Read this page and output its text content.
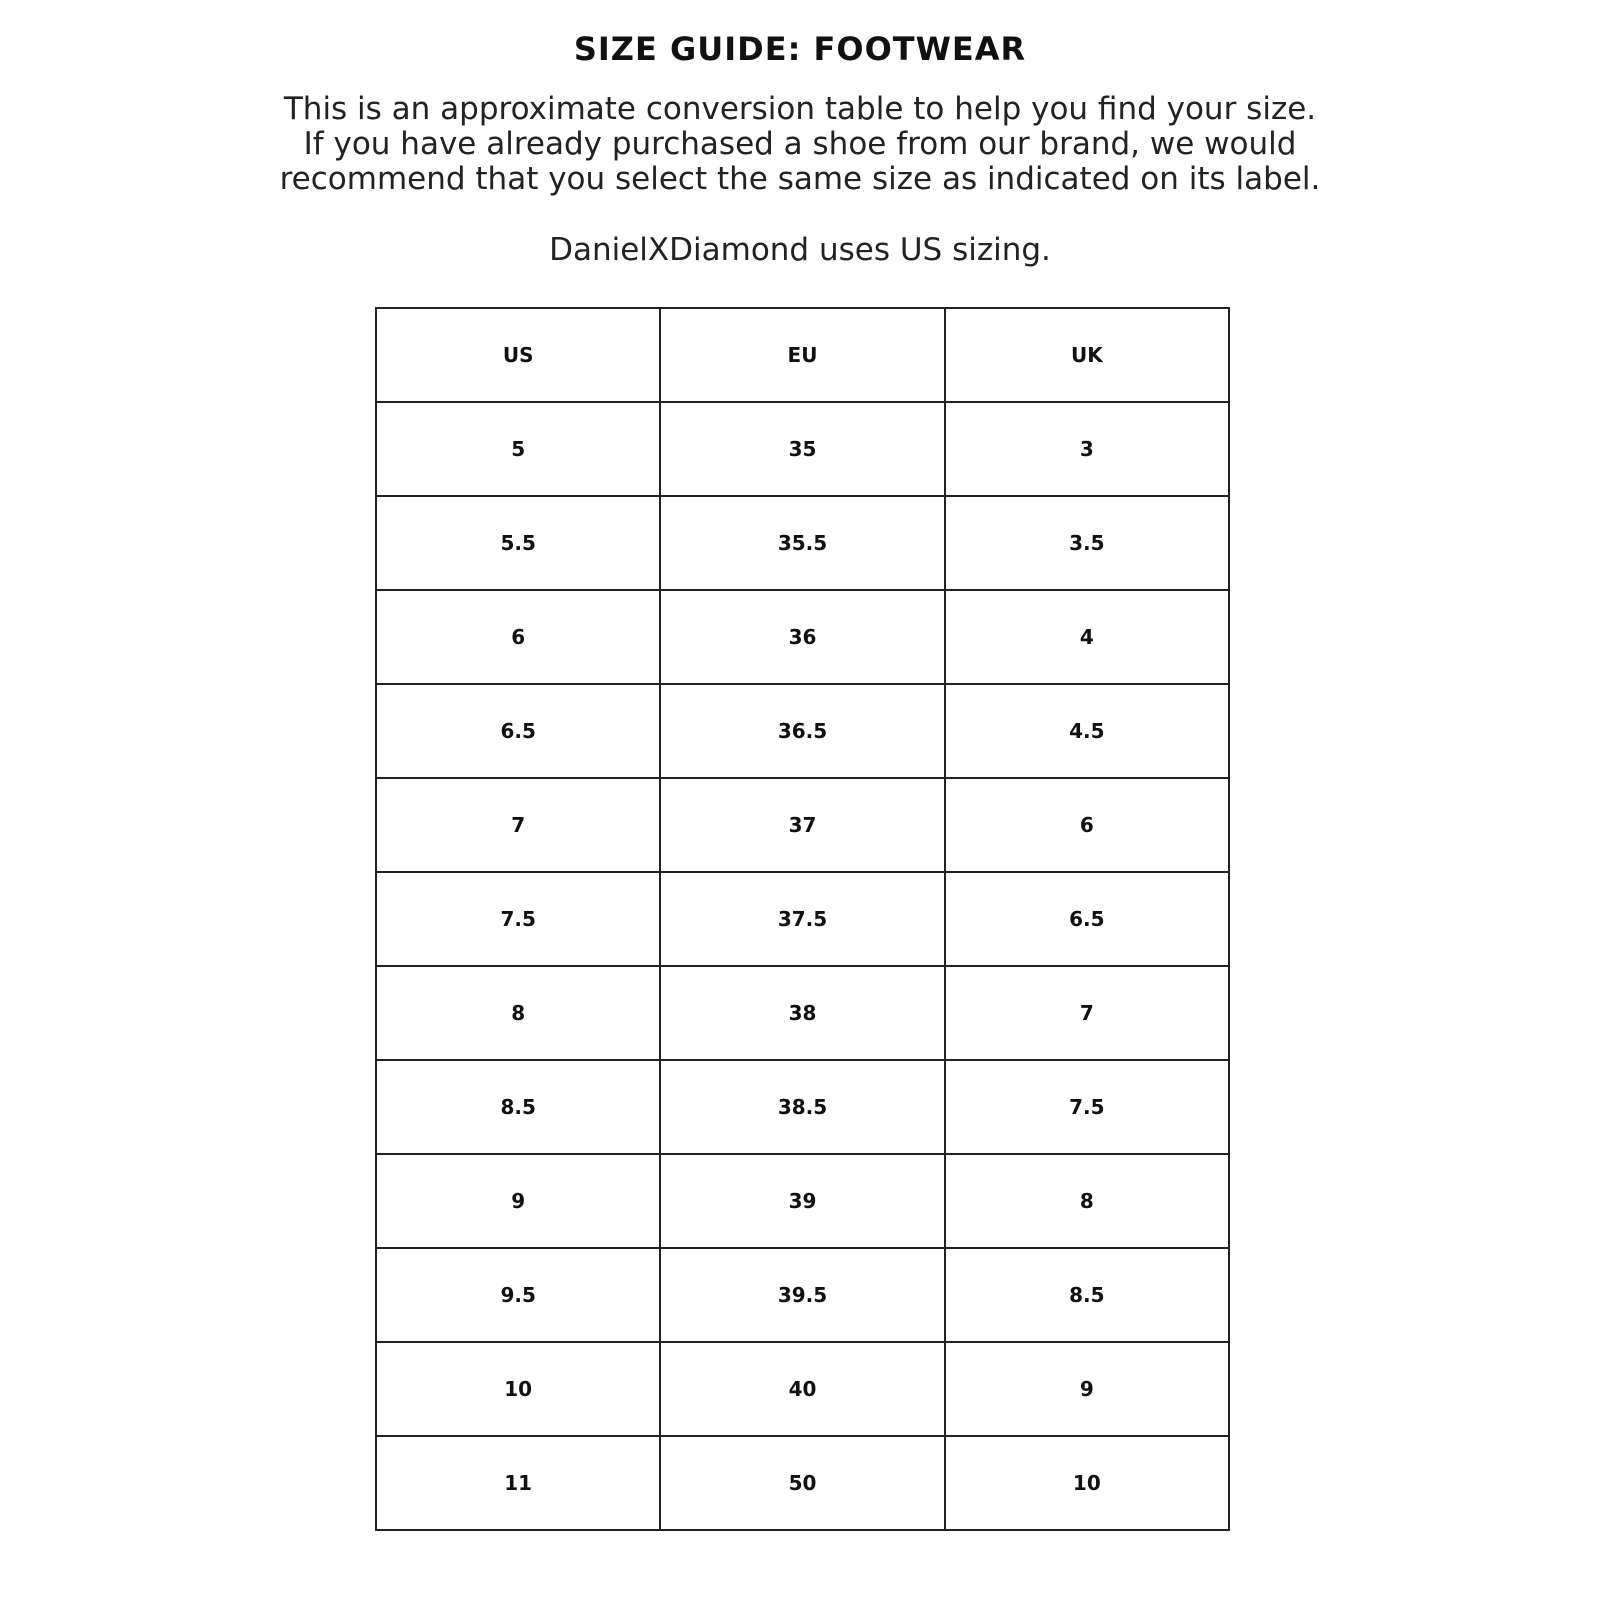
SIZE GUIDE: FOOTWEAR
This is an approximate conversion table to help you find your size.
If you have already purchased a shoe from our brand, we would
recommend that you select the same size as indicated on its label.
DanielXDiamond uses US sizing.
US	EU	UK
5	35	3
5.5	35.5	3.5
6	36	4
6.5	36.5	4.5
7	37	6
7.5	37.5	6.5
8	38	7
8.5	38.5	7.5
9	39	8
9.5	39.5	8.5
10	40	9
11	50	10
